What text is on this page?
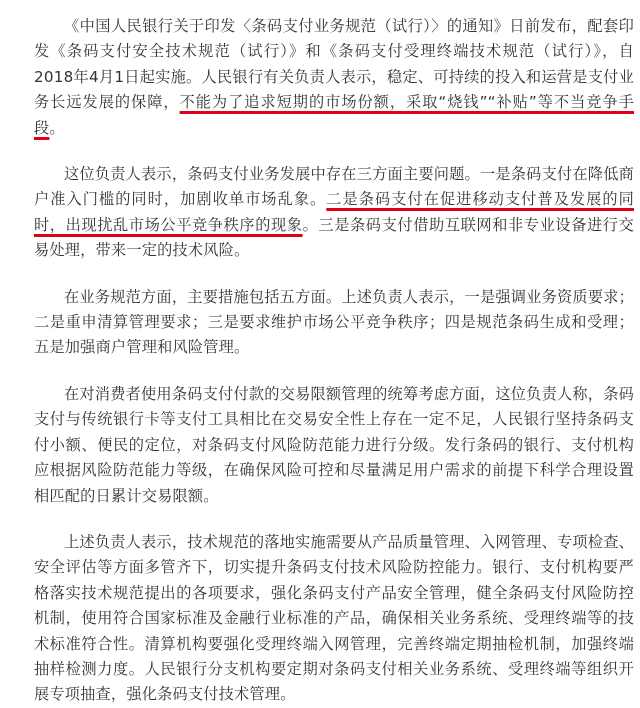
《中国人民银行关于印发〈条码支付业务规范（试行）〉的通知》日前发布，配套印发《条码支付安全技术规范（试行）》和《条码支付受理终端技术规范（试行）》，自2018年4月1日起实施。人民银行有关负责人表示，稳定、可持续的投入和运营是支付业务长远发展的保障，不能为了追求短期的市场份额，采取“烧钱”“补贴”等不当竞争手段。

这位负责人表示，条码支付业务发展中存在三方面主要问题。一是条码支付在降低商户准入门槛的同时，加剧收单市场乱象。二是条码支付在促进移动支付普及发展的同时，出现扰乱市场公平竞争秩序的现象。三是条码支付借助互联网和非专业设备进行交易处理，带来一定的技术风险。

在业务规范方面，主要措施包括五方面。上述负责人表示，一是强调业务资质要求；二是重申清算管理要求；三是要求维护市场公平竞争秩序；四是规范条码生成和受理；五是加强商户管理和风险管理。

在对消费者使用条码支付付款的交易限额管理的统筹考虑方面，这位负责人称，条码支付与传统银行卡等支付工具相比在交易安全性上存在一定不足，人民银行坚持条码支付小额、便民的定位，对条码支付风险防范能力进行分级。发行条码的银行、支付机构应根据风险防范能力等级，在确保风险可控和尽量满足用户需求的前提下科学合理设置相匹配的日累计交易限额。

上述负责人表示，技术规范的落地实施需要从产品质量管理、入网管理、专项检查、安全评估等方面多管齐下，切实提升条码支付技术风险防控能力。银行、支付机构要严格落实技术规范提出的各项要求，强化条码支付产品安全管理，健全条码支付风险防控机制，使用符合国家标准及金融行业标准的产品，确保相关业务系统、受理终端等的技术标准符合性。清算机构要强化受理终端入网管理，完善终端定期抽检机制，加强终端抽样检测力度。人民银行分支机构要定期对条码支付相关业务系统、受理终端等组织开展专项抽查，强化条码支付技术管理。
